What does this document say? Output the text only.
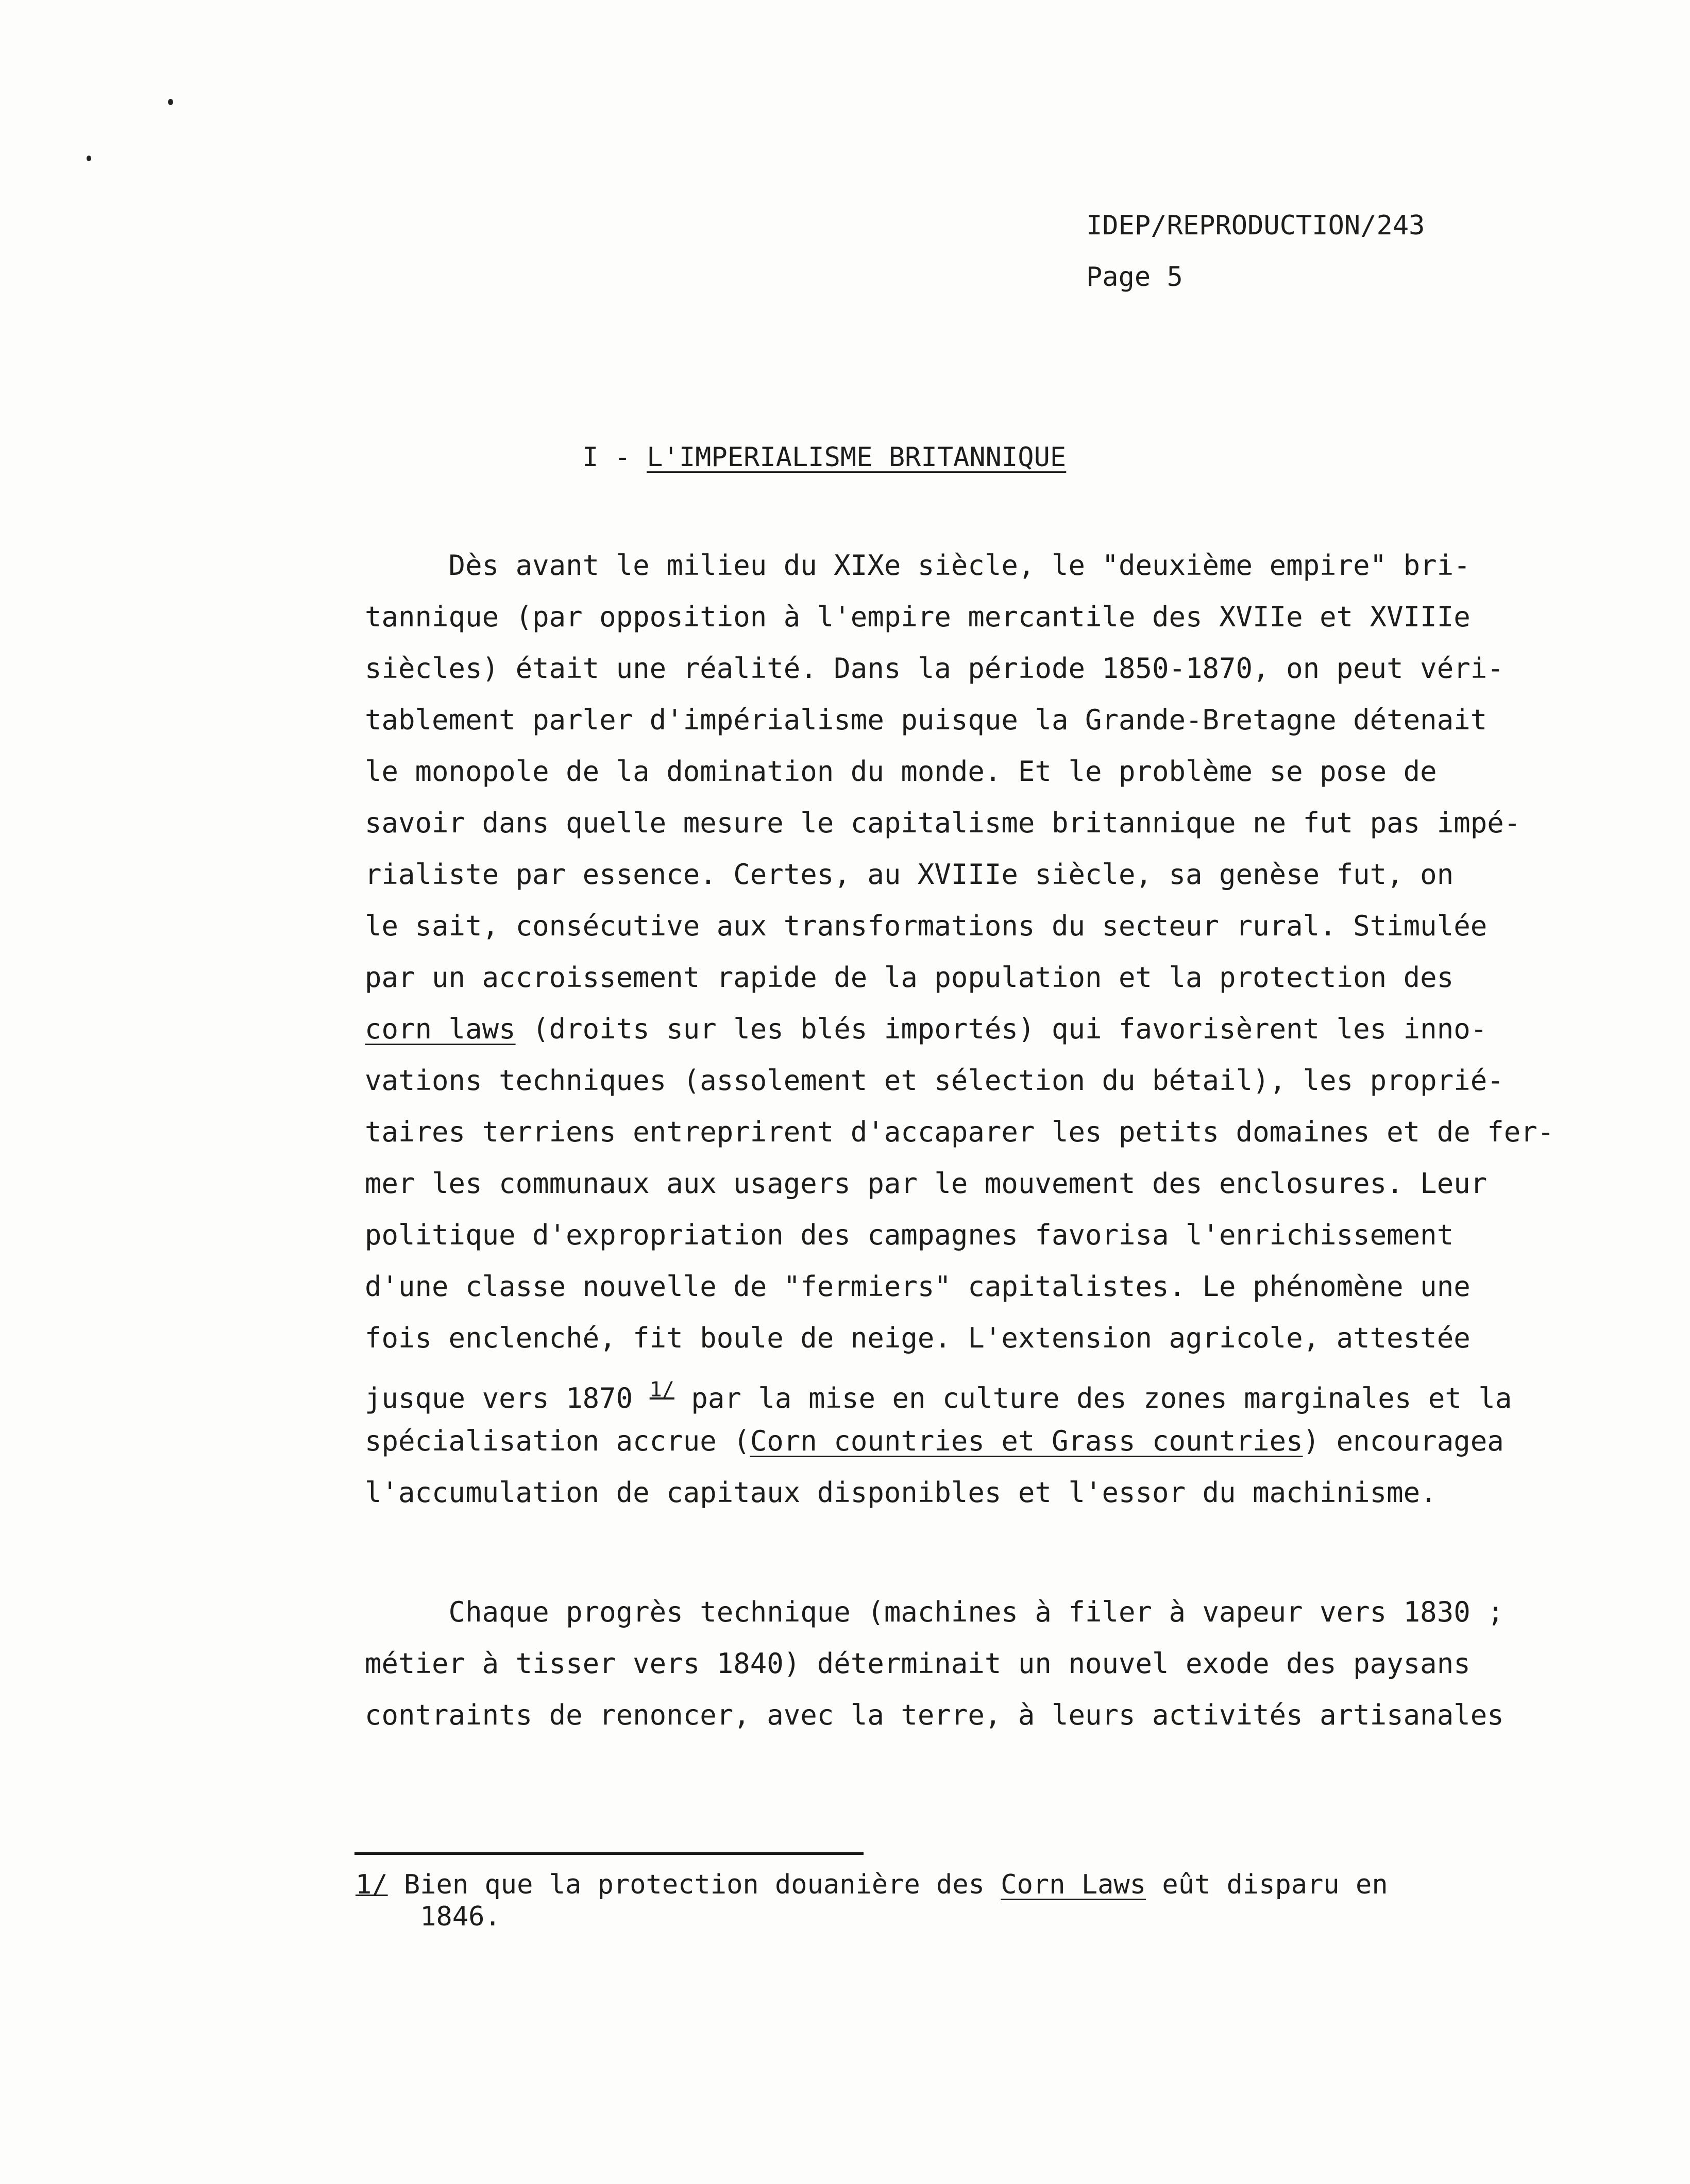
IDEP/REPRODUCTION/243
Page 5
I - L'IMPERIALISME BRITANNIQUE
Dès avant le milieu du XIXe siècle, le "deuxième empire" bri-
tannique (par opposition à l'empire mercantile des XVIIe et XVIIIe
siècles) était une réalité. Dans la période 1850-1870, on peut véri-
tablement parler d'impérialisme puisque la Grande-Bretagne détenait
le monopole de la domination du monde. Et le problème se pose de
savoir dans quelle mesure le capitalisme britannique ne fut pas impé-
rialiste par essence. Certes, au XVIIIe siècle, sa genèse fut, on
le sait, consécutive aux transformations du secteur rural. Stimulée
par un accroissement rapide de la population et la protection des
corn laws (droits sur les blés importés) qui favorisèrent les inno-
vations techniques (assolement et sélection du bétail), les proprié-
taires terriens entreprirent d'accaparer les petits domaines et de fer-
mer les communaux aux usagers par le mouvement des enclosures. Leur
politique d'expropriation des campagnes favorisa l'enrichissement
d'une classe nouvelle de "fermiers" capitalistes. Le phénomène une
fois enclenché, fit boule de neige. L'extension agricole, attestée
jusque vers 1870 $^{1/}$ par la mise en culture des zones marginales et la
spécialisation accrue (Corn countries et Grass countries) encouragea
l'accumulation de capitaux disponibles et l'essor du machinisme.
Chaque progrès technique (machines à filer à vapeur vers 1830 ;
métier à tisser vers 1840) déterminait un nouvel exode des paysans
contraints de renoncer, avec la terre, à leurs activités artisanales
1/ Bien que la protection douanière des Corn Laws eût disparu en
1846.
